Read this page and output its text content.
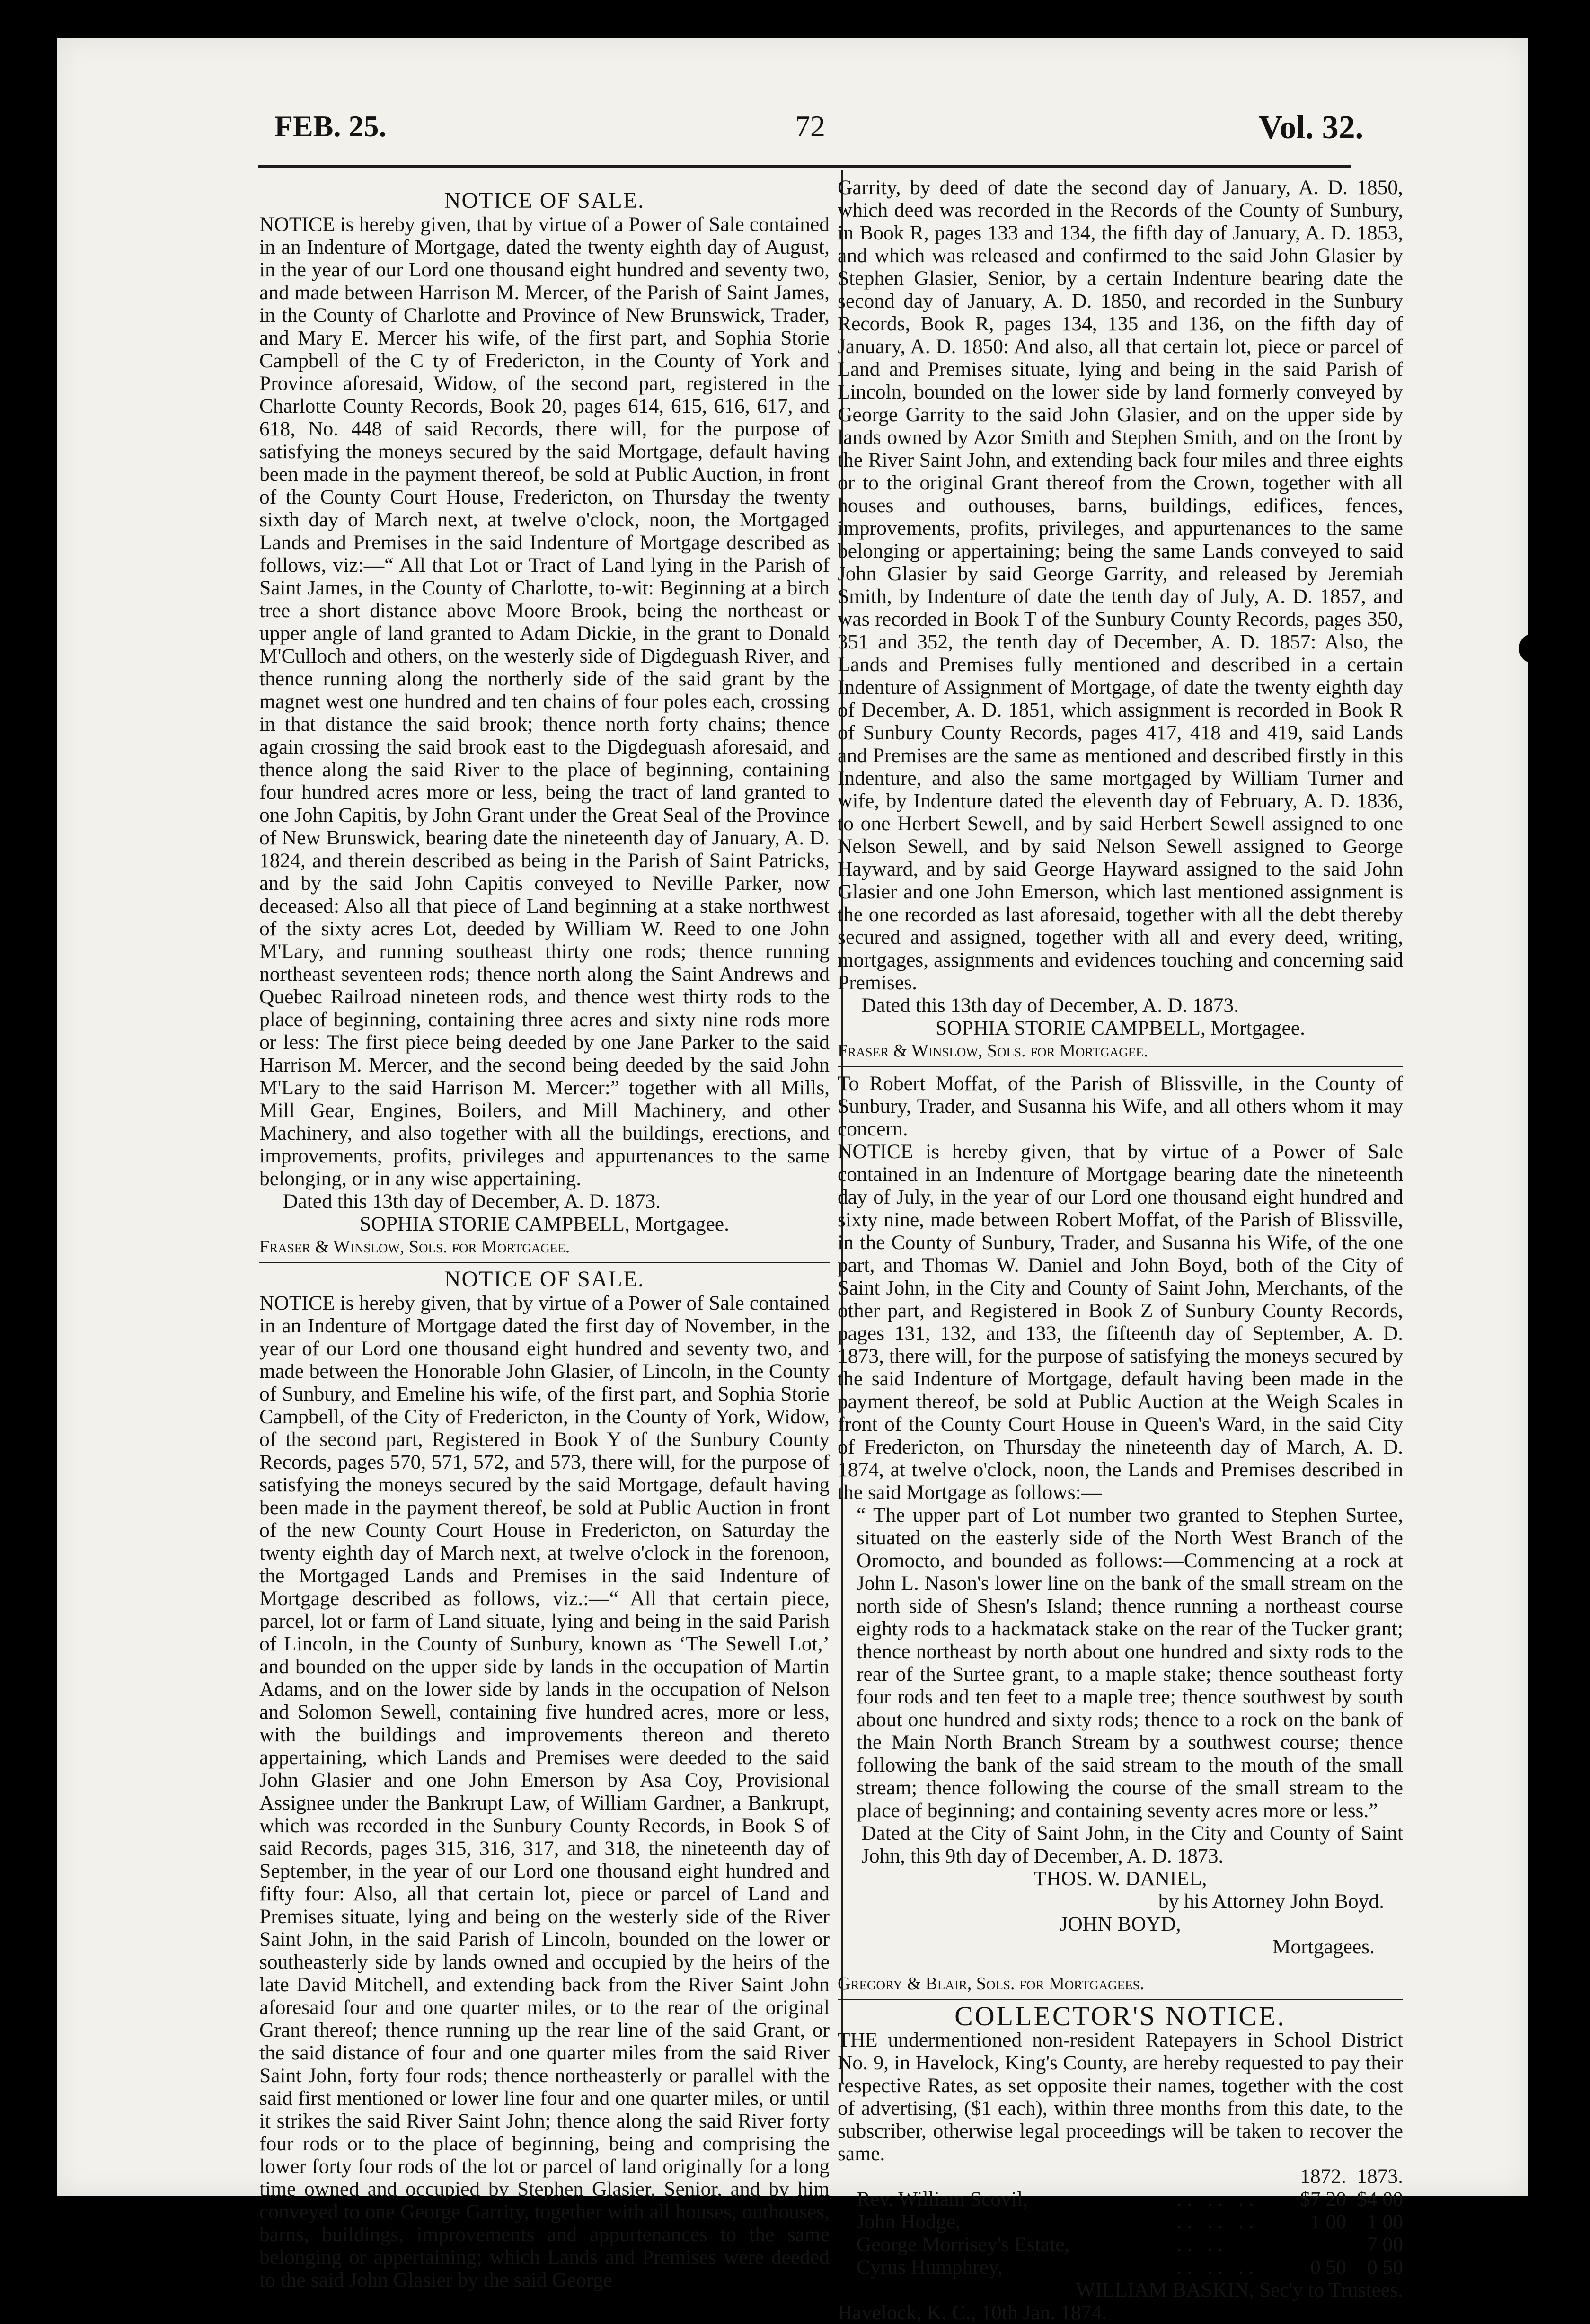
FEB. 25.	72	Vol. 32.
NOTICE OF SALE.

NOTICE is hereby given, that by virtue of a Power of Sale contained in an Indenture of Mortgage, dated the twenty eighth day of August, in the year of our Lord one thousand eight hundred and seventy two, and made between Harrison M. Mercer, of the Parish of Saint James, in the County of Charlotte and Province of New Brunswick, Trader, and Mary E. Mercer his wife, of the first part, and Sophia Storie Campbell of the C ty of Fredericton, in the County of York and Province aforesaid, Widow, of the second part, registered in the Charlotte County Records, Book 20, pages 614, 615, 616, 617, and 618, No. 448 of said Records, there will, for the purpose of satisfying the moneys secured by the said Mortgage, default having been made in the payment thereof, be sold at Public Auction, in front of the County Court House, Fredericton, on Thursday the twenty sixth day of March next, at twelve o'clock, noon, the Mortgaged Lands and Premises in the said Indenture of Mortgage described as follows, viz:—“ All that Lot or Tract of Land lying in the Parish of Saint James, in the County of Charlotte, to-wit: Beginning at a birch tree a short distance above Moore Brook, being the northeast or upper angle of land granted to Adam Dickie, in the grant to Donald M'Culloch and others, on the westerly side of Digdeguash River, and thence running along the northerly side of the said grant by the magnet west one hundred and ten chains of four poles each, crossing in that distance the said brook; thence north forty chains; thence again crossing the said brook east to the Digdeguash aforesaid, and thence along the said River to the place of beginning, containing four hundred acres more or less, being the tract of land granted to one John Capitis, by John Grant under the Great Seal of the Province of New Brunswick, bearing date the nineteenth day of January, A. D. 1824, and therein described as being in the Parish of Saint Patricks, and by the said John Capitis conveyed to Neville Parker, now deceased: Also all that piece of Land beginning at a stake northwest of the sixty acres Lot, deeded by William W. Reed to one John M'Lary, and running southeast thirty one rods; thence running northeast seventeen rods; thence north along the Saint Andrews and Quebec Railroad nineteen rods, and thence west thirty rods to the place of beginning, containing three acres and sixty nine rods more or less: The first piece being deeded by one Jane Parker to the said Harrison M. Mercer, and the second being deeded by the said John M'Lary to the said Harrison M. Mercer:” together with all Mills, Mill Gear, Engines, Boilers, and Mill Machinery, and other Machinery, and also together with all the buildings, erections, and improvements, profits, privileges and appurtenances to the same belonging, or in any wise appertaining.

Dated this 13th day of December, A. D. 1873.

SOPHIA STORIE CAMPBELL, Mortgagee.

Fraser & Winslow, Sols. for Mortgagee.

NOTICE OF SALE.

NOTICE is hereby given, that by virtue of a Power of Sale contained in an Indenture of Mortgage dated the first day of November, in the year of our Lord one thousand eight hundred and seventy two, and made between the Honorable John Glasier, of Lincoln, in the County of Sunbury, and Emeline his wife, of the first part, and Sophia Storie Campbell, of the City of Fredericton, in the County of York, Widow, of the second part, Registered in Book Y of the Sunbury County Records, pages 570, 571, 572, and 573, there will, for the purpose of satisfying the moneys secured by the said Mortgage, default having been made in the payment thereof, be sold at Public Auction in front of the new County Court House in Fredericton, on Saturday the twenty eighth day of March next, at twelve o'clock in the forenoon, the Mortgaged Lands and Premises in the said Indenture of Mortgage described as follows, viz.:—“ All that certain piece, parcel, lot or farm of Land situate, lying and being in the said Parish of Lincoln, in the County of Sunbury, known as ‘The Sewell Lot,’ and bounded on the upper side by lands in the occupation of Martin Adams, and on the lower side by lands in the occupation of Nelson and Solomon Sewell, containing five hundred acres, more or less, with the buildings and improvements thereon and thereto appertaining, which Lands and Premises were deeded to the said John Glasier and one John Emerson by Asa Coy, Provisional Assignee under the Bankrupt Law, of William Gardner, a Bankrupt, which was recorded in the Sunbury County Records, in Book S of said Records, pages 315, 316, 317, and 318, the nineteenth day of September, in the year of our Lord one thousand eight hundred and fifty four: Also, all that certain lot, piece or parcel of Land and Premises situate, lying and being on the westerly side of the River Saint John, in the said Parish of Lincoln, bounded on the lower or southeasterly side by lands owned and occupied by the heirs of the late David Mitchell, and extending back from the River Saint John aforesaid four and one quarter miles, or to the rear of the original Grant thereof; thence running up the rear line of the said Grant, or the said distance of four and one quarter miles from the said River Saint John, forty four rods; thence northeasterly or parallel with the said first mentioned or lower line four and one quarter miles, or until it strikes the said River Saint John; thence along the said River forty four rods or to the place of beginning, being and comprising the lower forty four rods of the lot or parcel of land originally for a long time owned and occupied by Stephen Glasier, Senior, and by him conveyed to one George Garrity, together with all houses, outhouses, barns, buildings, improvements and appurtenances to the same belonging or appertaining; which Lands and Premises were deeded to the said John Glasier by the said George

Garrity, by deed of date the second day of January, A. D. 1850, which deed was recorded in the Records of the County of Sunbury, in Book R, pages 133 and 134, the fifth day of January, A. D. 1853, and which was released and confirmed to the said John Glasier by Stephen Glasier, Senior, by a certain Indenture bearing date the second day of January, A. D. 1850, and recorded in the Sunbury Records, Book R, pages 134, 135 and 136, on the fifth day of January, A. D. 1850: And also, all that certain lot, piece or parcel of Land and Premises situate, lying and being in the said Parish of Lincoln, bounded on the lower side by land formerly conveyed by George Garrity to the said John Glasier, and on the upper side by lands owned by Azor Smith and Stephen Smith, and on the front by the River Saint John, and extending back four miles and three eights or to the original Grant thereof from the Crown, together with all houses and outhouses, barns, buildings, edifices, fences, improvements, profits, privileges, and appurtenances to the same belonging or appertaining; being the same Lands conveyed to said John Glasier by said George Garrity, and released by Jeremiah Smith, by Indenture of date the tenth day of July, A. D. 1857, and was recorded in Book T of the Sunbury County Records, pages 350, 351 and 352, the tenth day of December, A. D. 1857: Also, the Lands and Premises fully mentioned and described in a certain Indenture of Assignment of Mortgage, of date the twenty eighth day of December, A. D. 1851, which assignment is recorded in Book R of Sunbury County Records, pages 417, 418 and 419, said Lands and Premises are the same as mentioned and described firstly in this Indenture, and also the same mortgaged by William Turner and wife, by Indenture dated the eleventh day of February, A. D. 1836, to one Herbert Sewell, and by said Herbert Sewell assigned to one Nelson Sewell, and by said Nelson Sewell assigned to George Hayward, and by said George Hayward assigned to the said John Glasier and one John Emerson, which last mentioned assignment is the one recorded as last aforesaid, together with all the debt thereby secured and assigned, together with all and every deed, writing, mortgages, assignments and evidences touching and concerning said Premises.

Dated this 13th day of December, A. D. 1873.

SOPHIA STORIE CAMPBELL, Mortgagee.

Fraser & Winslow, Sols. for Mortgagee.

To Robert Moffat, of the Parish of Blissville, in the County of Sunbury, Trader, and Susanna his Wife, and all others whom it may concern.

NOTICE is hereby given, that by virtue of a Power of Sale contained in an Indenture of Mortgage bearing date the nineteenth day of July, in the year of our Lord one thousand eight hundred and sixty nine, made between Robert Moffat, of the Parish of Blissville, in the County of Sunbury, Trader, and Susanna his Wife, of the one part, and Thomas W. Daniel and John Boyd, both of the City of Saint John, in the City and County of Saint John, Merchants, of the other part, and Registered in Book Z of Sunbury County Records, pages 131, 132, and 133, the fifteenth day of September, A. D. 1873, there will, for the purpose of satisfying the moneys secured by the said Indenture of Mortgage, default having been made in the payment thereof, be sold at Public Auction at the Weigh Scales in front of the County Court House in Queen's Ward, in the said City of Fredericton, on Thursday the nineteenth day of March, A. D. 1874, at twelve o'clock, noon, the Lands and Premises described in the said Mortgage as follows:—

“ The upper part of Lot number two granted to Stephen Surtee, situated on the easterly side of the North West Branch of the Oromocto, and bounded as follows:—Commencing at a rock at John L. Nason's lower line on the bank of the small stream on the north side of Shesn's Island; thence running a northeast course eighty rods to a hackmatack stake on the rear of the Tucker grant; thence northeast by north about one hundred and sixty rods to the rear of the Surtee grant, to a maple stake; thence southeast forty four rods and ten feet to a maple tree; thence southwest by south about one hundred and sixty rods; thence to a rock on the bank of the Main North Branch Stream by a southwest course; thence following the bank of the said stream to the mouth of the small stream; thence following the course of the small stream to the place of beginning; and containing seventy acres more or less.”

Dated at the City of Saint John, in the City and County of Saint John, this 9th day of December, A. D. 1873.

THOS. W. DANIEL,

by his Attorney John Boyd.

JOHN BOYD,

Mortgagees.

Gregory & Blair, Sols. for Mortgagees.

COLLECTOR'S NOTICE.

THE undermentioned non-resident Ratepayers in School District No. 9, in Havelock, King's County, are hereby requested to pay their respective Rates, as set opposite their names, together with the cost of advertising, ($1 each), within three months from this date, to the subscriber, otherwise legal proceedings will be taken to recover the same.

		1872.	1873.
Rev. William Scovil,	. .   . .   . .	$7 20	$4 00
John Hodge,	. .   . .   . .	1 00	1 00
George Morrisey's Estate,	. .   . .		7 00
Cyrus Humphrey,	. .   . .   . .	0 50	0 50

WILLIAM BASKIN, Sec'y to Trustees.

Havelock, K. C., 10th Jan. 1874.
